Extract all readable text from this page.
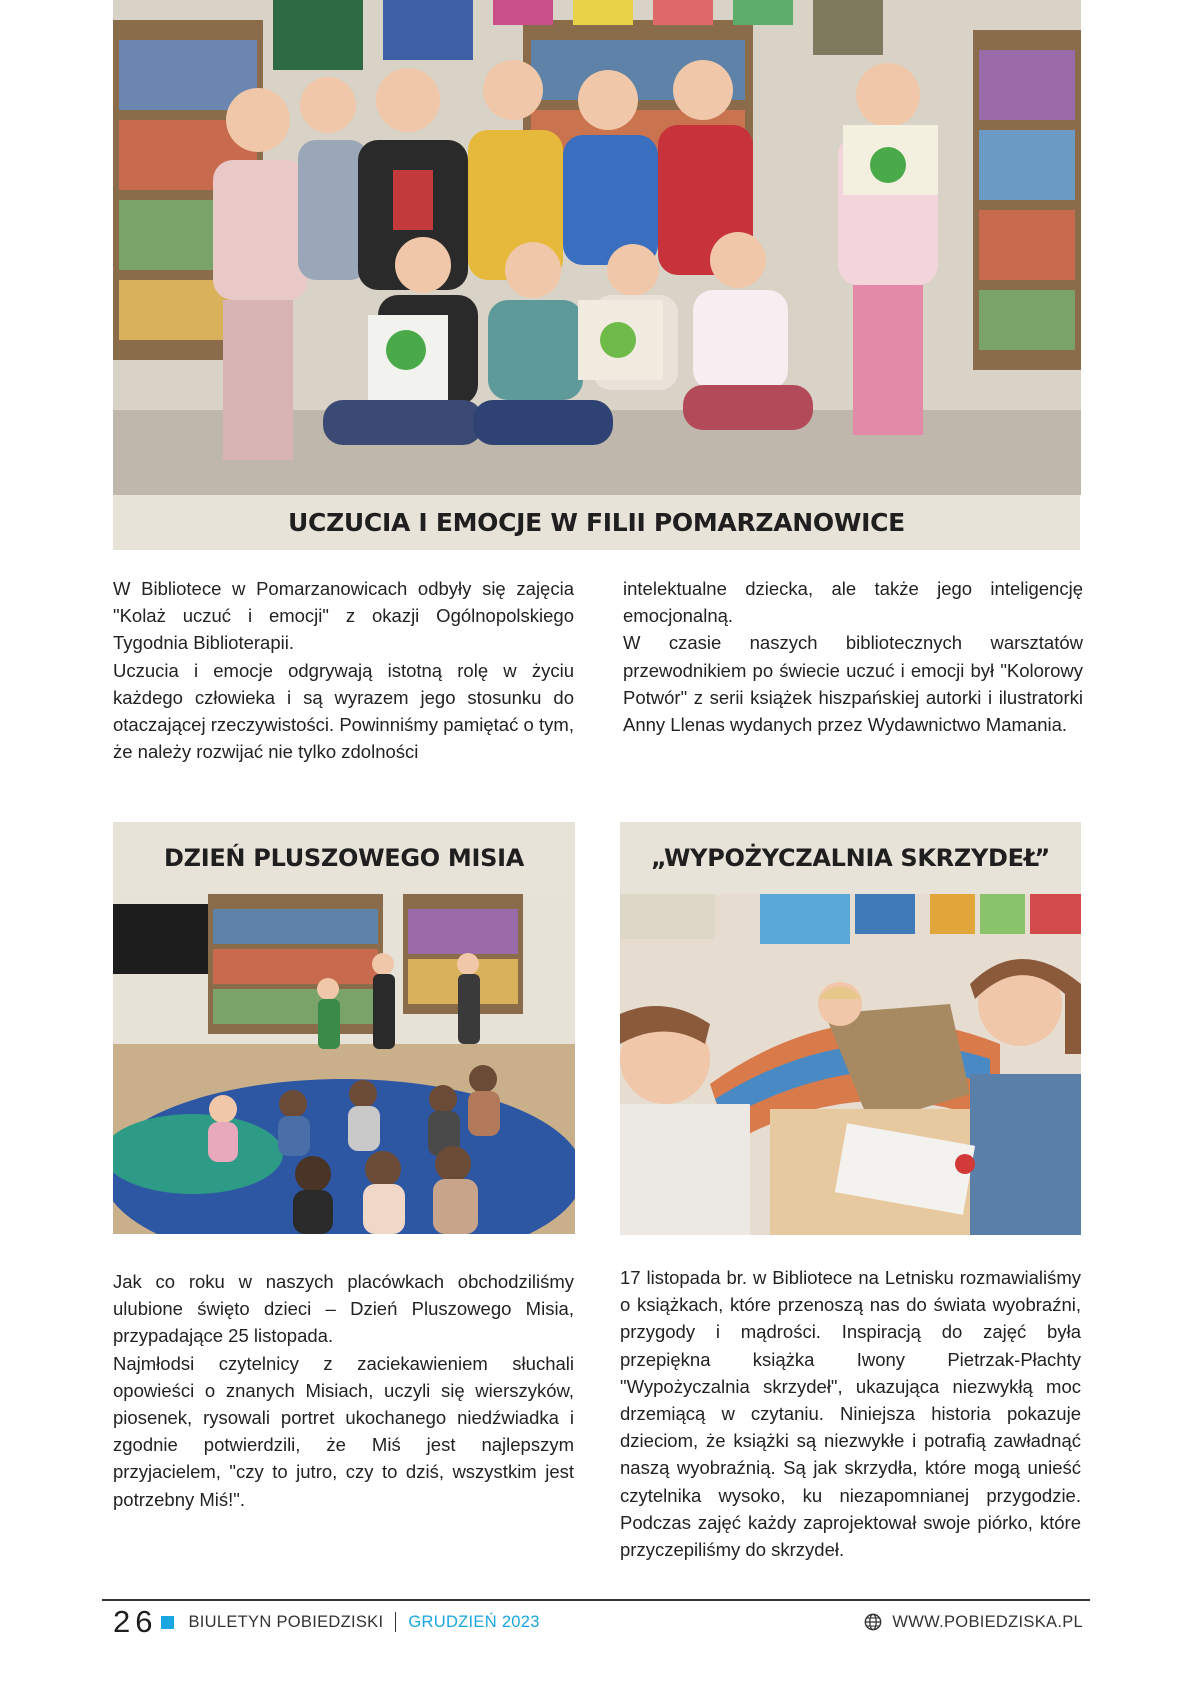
UCZUCIA I EMOCJE W FILII POMARZANOWICE

W Bibliotece w Pomarzanowicach odbyły się zajęcia "Kolaż uczuć i emocji" z okazji Ogólnopolskiego Tygodnia Biblioterapii.

Uczucia i emocje odgrywają istotną rolę w życiu każdego człowieka i są wyrazem jego stosunku do otaczającej rzeczywistości. Powinniśmy pamiętać o tym, że należy rozwijać nie tylko zdolności

intelektualne dziecka, ale także jego inteligencję emocjonalną.

W czasie naszych bibliotecznych warsztatów przewodnikiem po świecie uczuć i emocji był "Kolorowy Potwór" z serii książek hiszpańskiej autorki i ilustratorki Anny Llenas wydanych przez Wydawnictwo Mamania.

DZIEŃ PLUSZOWEGO MISIA

Jak co roku w naszych placówkach obchodziliśmy ulubione święto dzieci – Dzień Pluszowego Misia, przypadające 25 listopada.

Najmłodsi czytelnicy z zaciekawieniem słuchali opowieści o znanych Misiach, uczyli się wierszyków, piosenek, rysowali portret ukochanego niedźwiadka i zgodnie potwierdzili, że Miś jest najlepszym przyjacielem, "czy to jutro, czy to dziś, wszystkim jest potrzebny Miś!".

„WYPOŻYCZALNIA SKRZYDEŁ”

17 listopada br. w Bibliotece na Letnisku rozmawialiśmy o książkach, które przenoszą nas do świata wyobraźni, przygody i mądrości. Inspiracją do zajęć była przepiękna książka Iwony Pietrzak-Płachty "Wypożyczalnia skrzydeł", ukazująca niezwykłą moc drzemiącą w czytaniu. Niniejsza historia pokazuje dzieciom, że książki są niezwykłe i potrafią zawładnąć naszą wyobraźnią. Są jak skrzydła, które mogą unieść czytelnika wysoko, ku niezapomnianej przygodzie. Podczas zajęć każdy zaprojektował swoje piórko, które przyczepiliśmy do skrzydeł.

26 BIULETYN POBIEDZISKI GRUDZIEŃ 2023	WWW.POBIEDZISKA.PL
